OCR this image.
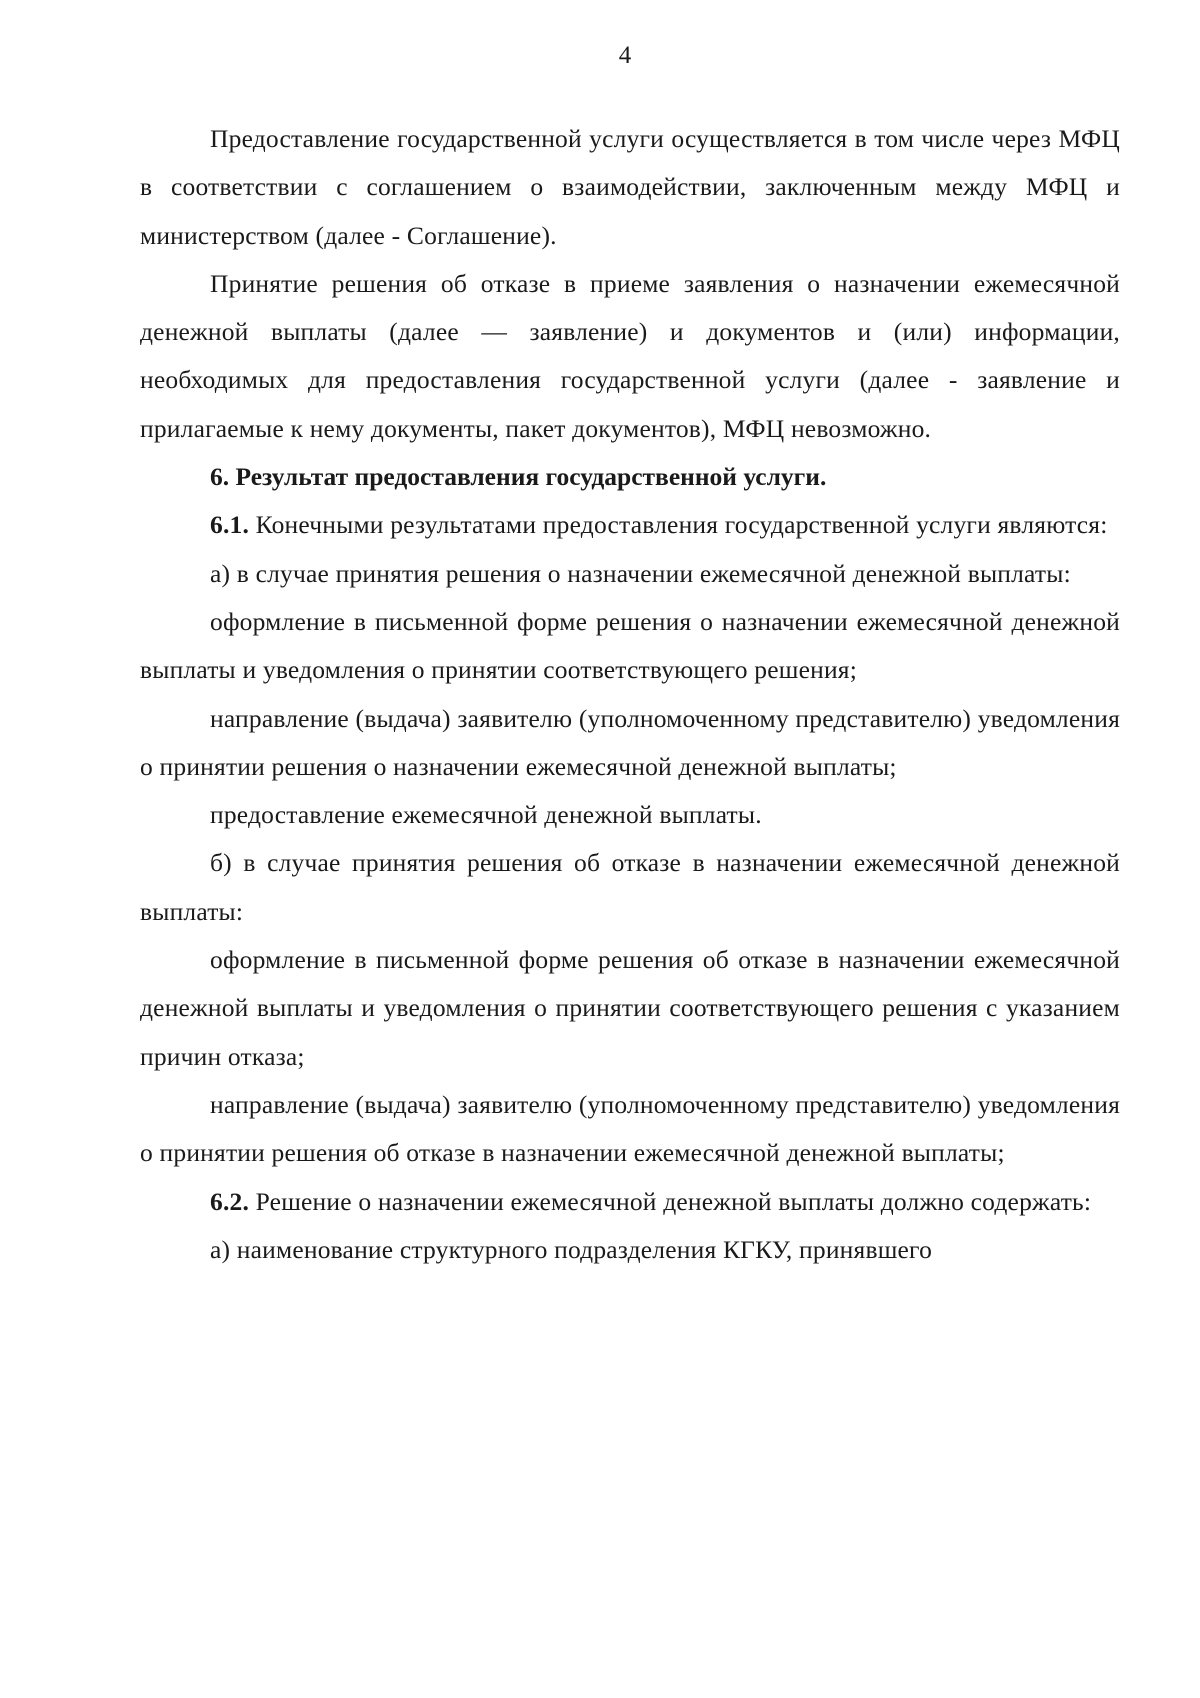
4

Предоставление государственной услуги осуществляется в том числе через МФЦ в соответствии с соглашением о взаимодействии, заключенным между МФЦ и министерством (далее - Соглашение).

Принятие решения об отказе в приеме заявления о назначении ежемесячной денежной выплаты (далее — заявление) и документов и (или) информации, необходимых для предоставления государственной услуги (далее - заявление и прилагаемые к нему документы, пакет документов), МФЦ невозможно.

6. Результат предоставления государственной услуги.

6.1. Конечными результатами предоставления государственной услуги являются:

а) в случае принятия решения о назначении ежемесячной денежной выплаты:

оформление в письменной форме решения о назначении ежемесячной денежной выплаты и уведомления о принятии соответствующего решения;

направление (выдача) заявителю (уполномоченному представителю) уведомления о принятии решения о назначении ежемесячной денежной выплаты;

предоставление ежемесячной денежной выплаты.

б) в случае принятия решения об отказе в назначении ежемесячной денежной выплаты:

оформление в письменной форме решения об отказе в назначении ежемесячной денежной выплаты и уведомления о принятии соответствующего решения с указанием причин отказа;

направление (выдача) заявителю (уполномоченному представителю) уведомления о принятии решения об отказе в назначении ежемесячной денежной выплаты;

6.2. Решение о назначении ежемесячной денежной выплаты должно содержать:

а) наименование структурного подразделения КГКУ, принявшего
